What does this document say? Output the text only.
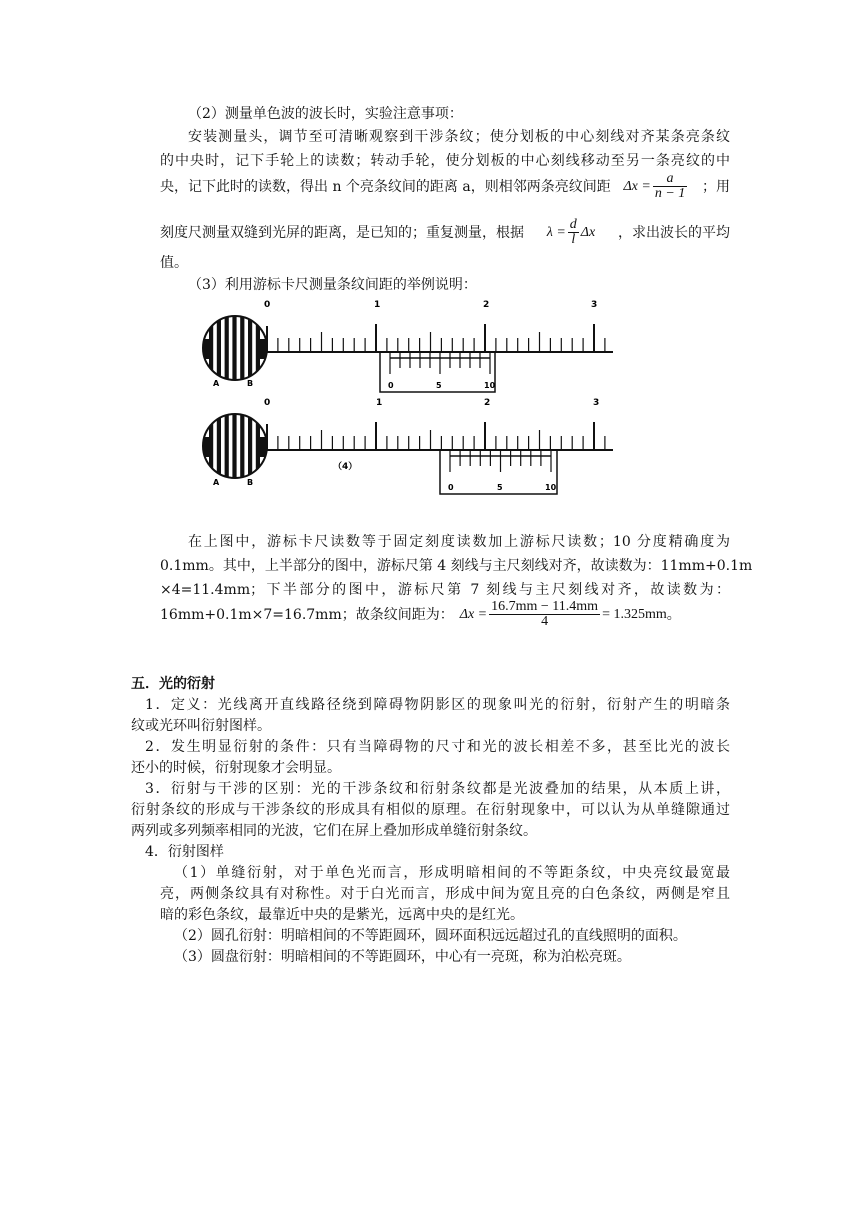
（2）测量单色波的波长时，实验注意事项：
安装测量头，调节至可清晰观察到干涉条纹；使分划板的中心刻线对齐某条亮条纹
的中央时，记下手轮上的读数；转动手轮，使分划板的中心刻线移动至另一条亮纹的中
央，记下此时的读数，得出 n 个亮条纹间的距离 a，则相邻两条亮纹间距 $\Delta x = \frac{a}{n - 1}$ ；用
刻度尺测量双缝到光屏的距离，是已知的；重复测量，根据 $\lambda = \frac{d}{l}$ Δx ，求出波长的平均
值。
（3）利用游标卡尺测量条纹间距的举例说明：
A	B
0	1	2	3
0	5	10
A	B
0	1	2	3
（4）
0	5	10
在上图中，游标卡尺读数等于固定刻度读数加上游标尺读数；10 分度精确度为
0.1mm。其中，上半部分的图中，游标尺第 4 刻线与主尺刻线对齐，故读数为：11mm+0.1m
×4=11.4mm；下半部分的图中，游标尺第 7 刻线与主尺刻线对齐，故读数为：
16mm+0.1m×7=16.7mm；故条纹间距为： $\Delta x = \frac{16.7mm - 11.4mm}{4} = 1.325mm$ 。
五．光的衍射
1．定义：光线离开直线路径绕到障碍物阴影区的现象叫光的衍射，衍射产生的明暗条
纹或光环叫衍射图样。
2．发生明显衍射的条件：只有当障碍物的尺寸和光的波长相差不多，甚至比光的波长
还小的时候，衍射现象才会明显。
3．衍射与干涉的区别：光的干涉条纹和衍射条纹都是光波叠加的结果，从本质上讲，
衍射条纹的形成与干涉条纹的形成具有相似的原理。在衍射现象中，可以认为从单缝隙通过
两列或多列频率相同的光波，它们在屏上叠加形成单缝衍射条纹。
4．衍射图样
（1）单缝衍射，对于单色光而言，形成明暗相间的不等距条纹，中央亮纹最宽最
亮，两侧条纹具有对称性。对于白光而言，形成中间为宽且亮的白色条纹，两侧是窄且
暗的彩色条纹，最靠近中央的是紫光，远离中央的是红光。
（2）圆孔衍射：明暗相间的不等距圆环，圆环面积远远超过孔的直线照明的面积。
（3）圆盘衍射：明暗相间的不等距圆环，中心有一亮斑，称为泊松亮斑。
